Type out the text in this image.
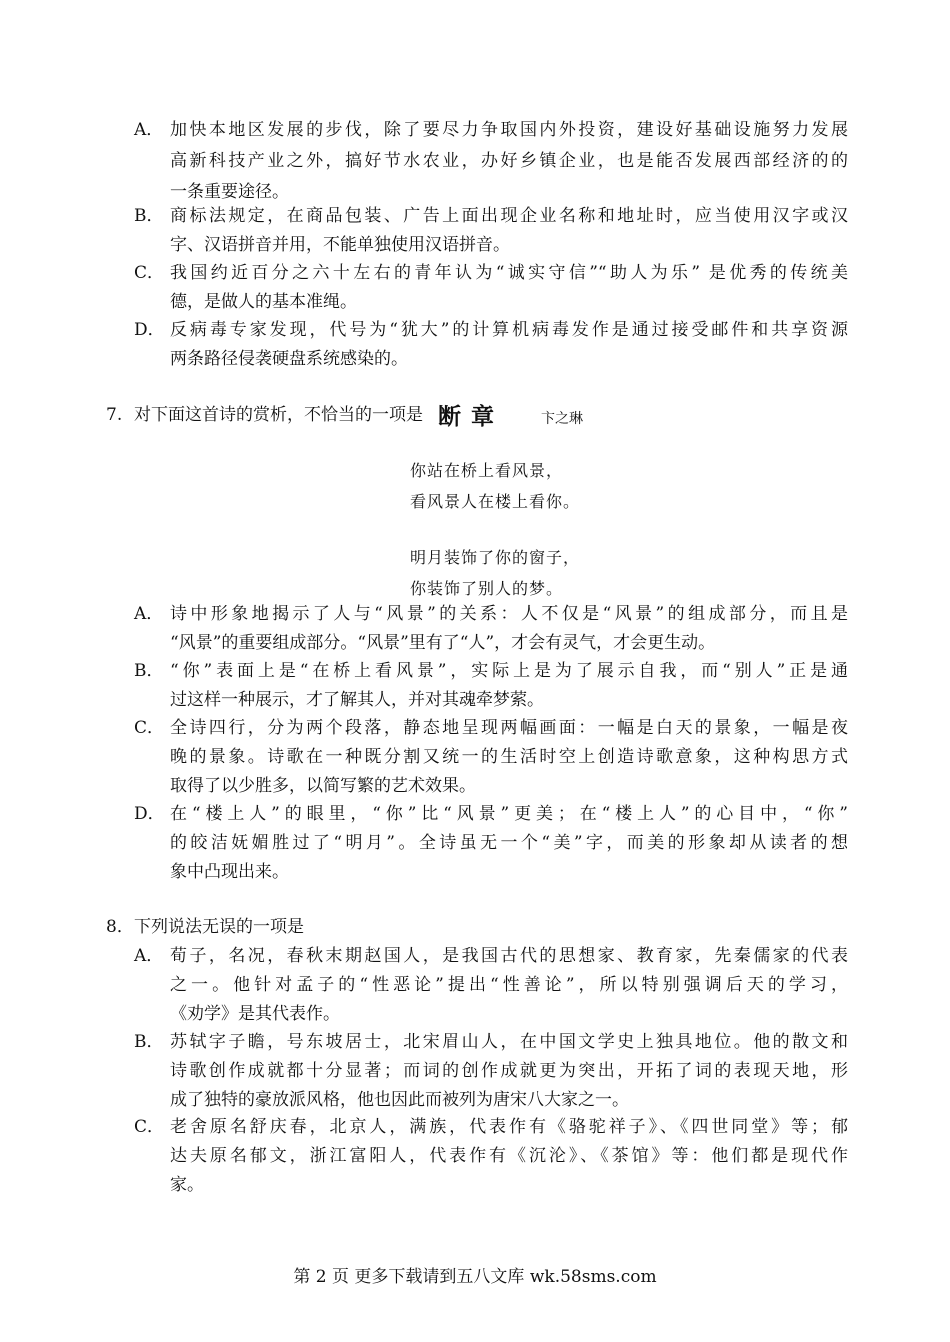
A． 加快本地区发展的步伐，除了要尽力争取国内外投资，建设好基础设施努力发展
高新科技产业之外，搞好节水农业，办好乡镇企业，也是能否发展西部经济的的
一条重要途径。
B． 商标法规定，在商品包装、广告上面出现企业名称和地址时，应当使用汉字或汉
字、汉语拼音并用，不能单独使用汉语拼音。
C． 我国约近百分之六十左右的青年认为“诚实守信”“助人为乐” 是优秀的传统美
德，是做人的基本准绳。
D． 反病毒专家发现，代号为“犹大”的计算机病毒发作是通过接受邮件和共享资源
两条路径侵袭硬盘系统感染的。
7. 对下面这首诗的赏析，不恰当的一项是 断章	卞之琳
你站在桥上看风景，
看风景人在楼上看你。
明月装饰了你的窗子，
你装饰了别人的梦。
A． 诗中形象地揭示了人与“风景”的关系：人不仅是“风景”的组成部分，而且是
“风景”的重要组成部分。“风景”里有了“人”，才会有灵气，才会更生动。
B． “你”表面上是“在桥上看风景”，实际上是为了展示自我，而“别人”正是通
过这样一种展示，才了解其人，并对其魂牵梦萦。
C． 全诗四行，分为两个段落，静态地呈现两幅画面：一幅是白天的景象，一幅是夜
晚的景象。诗歌在一种既分割又统一的生活时空上创造诗歌意象，这种构思方式
取得了以少胜多，以简写繁的艺术效果。
D． 在“楼上人”的眼里，“你”比“风景”更美；在“楼上人”的心目中，“你”
的皎洁妩媚胜过了“明月”。全诗虽无一个“美”字，而美的形象却从读者的想
象中凸现出来。
8． 下列说法无误的一项是
A． 荀子，名况，春秋末期赵国人，是我国古代的思想家、教育家，先秦儒家的代表
之一。他针对孟子的“性恶论”提出“性善论”，所以特别强调后天的学习，
《劝学》是其代表作。
B． 苏轼字子瞻，号东坡居士，北宋眉山人，在中国文学史上独具地位。他的散文和
诗歌创作成就都十分显著；而词的创作成就更为突出，开拓了词的表现天地，形
成了独特的豪放派风格，他也因此而被列为唐宋八大家之一。
C． 老舍原名舒庆春，北京人，满族，代表作有《骆驼祥子》、《四世同堂》等；郁
达夫原名郁文，浙江富阳人，代表作有《沉沦》、《茶馆》等：他们都是现代作
家。
第 2 页 更多下载请到五八文库 wk.58sms.com
